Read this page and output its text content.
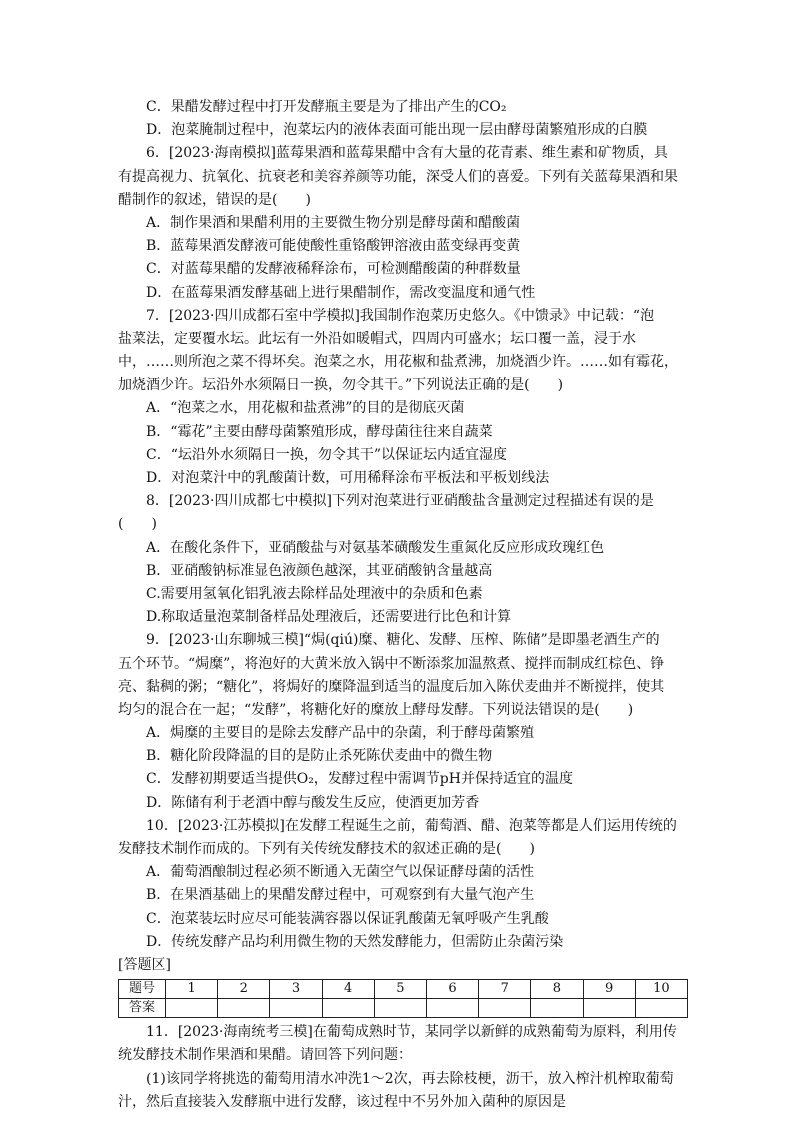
C．果醋发酵过程中打开发酵瓶主要是为了排出产生的CO₂
D．泡菜腌制过程中，泡菜坛内的液体表面可能出现一层由酵母菌繁殖形成的白膜
6．[2023·海南模拟]蓝莓果酒和蓝莓果醋中含有大量的花青素、维生素和矿物质，具
有提高视力、抗氧化、抗衰老和美容养颜等功能，深受人们的喜爱。下列有关蓝莓果酒和果
醋制作的叙述，错误的是(　　)
A．制作果酒和果醋利用的主要微生物分别是酵母菌和醋酸菌
B．蓝莓果酒发酵液可能使酸性重铬酸钾溶液由蓝变绿再变黄
C．对蓝莓果醋的发酵液稀释涂布，可检测醋酸菌的种群数量
D．在蓝莓果酒发酵基础上进行果醋制作，需改变温度和通气性
7．[2023·四川成都石室中学模拟]我国制作泡菜历史悠久。《中馈录》中记载：“泡
盐菜法，定要覆水坛。此坛有一外沿如暖帽式，四周内可盛水；坛口覆一盖，浸于水
中，……则所泡之菜不得坏矣。泡菜之水，用花椒和盐煮沸，加烧酒少许。……如有霉花，
加烧酒少许。坛沿外水须隔日一换，勿令其干。”下列说法正确的是(　　)
A．“泡菜之水，用花椒和盐煮沸”的目的是彻底灭菌
B．“霉花”主要由酵母菌繁殖形成，酵母菌往往来自蔬菜
C．“坛沿外水须隔日一换，勿令其干”以保证坛内适宜湿度
D．对泡菜汁中的乳酸菌计数，可用稀释涂布平板法和平板划线法
8．[2023·四川成都七中模拟]下列对泡菜进行亚硝酸盐含量测定过程描述有误的是
(　　)
A．在酸化条件下，亚硝酸盐与对氨基苯磺酸发生重氮化反应形成玫瑰红色
B．亚硝酸钠标准显色液颜色越深，其亚硝酸钠含量越高
C.需要用氢氧化铝乳液去除样品处理液中的杂质和色素
D.称取适量泡菜制备样品处理液后，还需要进行比色和计算
9．[2023·山东聊城三模]“焗(qiú)糜、糖化、发酵、压榨、陈储”是即墨老酒生产的
五个环节。“焗糜”，将泡好的大黄米放入锅中不断添浆加温熬煮、搅拌而制成红棕色、铮
亮、黏稠的粥；“糖化”，将焗好的糜降温到适当的温度后加入陈伏麦曲并不断搅拌，使其
均匀的混合在一起；“发酵”，将糖化好的糜放上酵母发酵。下列说法错误的是(　　)
A．焗糜的主要目的是除去发酵产品中的杂菌，利于酵母菌繁殖
B．糖化阶段降温的目的是防止杀死陈伏麦曲中的微生物
C．发酵初期要适当提供O₂，发酵过程中需调节pH并保持适宜的温度
D．陈储有利于老酒中醇与酸发生反应，使酒更加芳香
10．[2023·江苏模拟]在发酵工程诞生之前，葡萄酒、醋、泡菜等都是人们运用传统的
发酵技术制作而成的。下列有关传统发酵技术的叙述正确的是(　　)
A．葡萄酒酿制过程必须不断通入无菌空气以保证酵母菌的活性
B．在果酒基础上的果醋发酵过程中，可观察到有大量气泡产生
C．泡菜装坛时应尽可能装满容器以保证乳酸菌无氧呼吸产生乳酸
D．传统发酵产品均利用微生物的天然发酵能力，但需防止杂菌污染
[答题区]
题号	1	2	3	4	5	6	7	8	9	10
答案										
11．[2023·海南统考三模]在葡萄成熟时节，某同学以新鲜的成熟葡萄为原料，利用传
统发酵技术制作果酒和果醋。请回答下列问题：
(1)该同学将挑选的葡萄用清水冲洗1～2次，再去除枝梗，沥干，放入榨汁机榨取葡萄
汁，然后直接装入发酵瓶中进行发酵，该过程中不另外加入菌种的原因是
